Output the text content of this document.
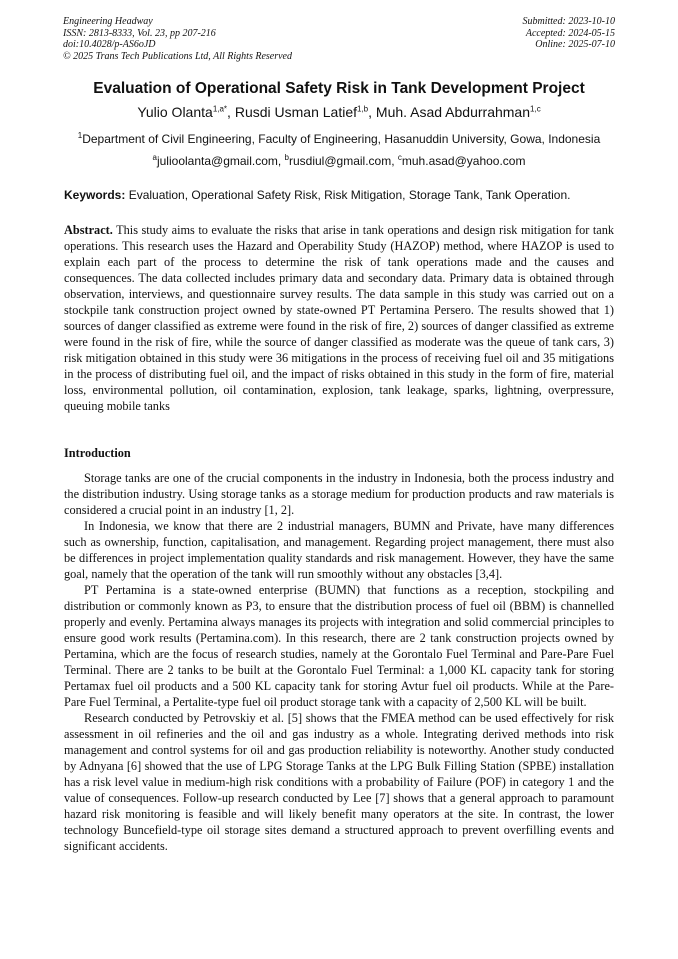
Engineering Headway
ISSN: 2813-8333, Vol. 23, pp 207-216
doi:10.4028/p-AS6oJD
© 2025 Trans Tech Publications Ltd, All Rights Reserved
Submitted: 2023-10-10
Accepted: 2024-05-15
Online: 2025-07-10
Evaluation of Operational Safety Risk in Tank Development Project
Yulio Olanta$^{1,a*}$, Rusdi Usman Latief$^{1,b}$, Muh. Asad Abdurrahman$^{1,c}$
$^1$Department of Civil Engineering, Faculty of Engineering, Hasanuddin University, Gowa, Indonesia
$^a$julioolanta@gmail.com, $^b$rusdiul@gmail.com, $^c$muh.asad@yahoo.com
Keywords: Evaluation, Operational Safety Risk, Risk Mitigation, Storage Tank, Tank Operation.

Abstract. This study aims to evaluate the risks that arise in tank operations and design risk mitigation for tank operations. This research uses the Hazard and Operability Study (HAZOP) method, where HAZOP is used to explain each part of the process to determine the risk of tank operations made and the causes and consequences. The data collected includes primary data and secondary data. Primary data is obtained through observation, interviews, and questionnaire survey results. The data sample in this study was carried out on a stockpile tank construction project owned by state-owned PT Pertamina Persero. The results showed that 1) sources of danger classified as extreme were found in the risk of fire, 2) sources of danger classified as extreme were found in the risk of fire, while the source of danger classified as moderate was the queue of tank cars, 3) risk mitigation obtained in this study were 36 mitigations in the process of receiving fuel oil and 35 mitigations in the process of distributing fuel oil, and the impact of risks obtained in this study in the form of fire, material loss, environmental pollution, oil contamination, explosion, tank leakage, sparks, lightning, overpressure, queuing mobile tanks

Introduction

Storage tanks are one of the crucial components in the industry in Indonesia, both the process industry and the distribution industry. Using storage tanks as a storage medium for production products and raw materials is considered a crucial point in an industry [1, 2].

In Indonesia, we know that there are 2 industrial managers, BUMN and Private, have many differences such as ownership, function, capitalisation, and management. Regarding project management, there must also be differences in project implementation quality standards and risk management. However, they have the same goal, namely that the operation of the tank will run smoothly without any obstacles [3,4].

PT Pertamina is a state-owned enterprise (BUMN) that functions as a reception, stockpiling and distribution or commonly known as P3, to ensure that the distribution process of fuel oil (BBM) is channelled properly and evenly. Pertamina always manages its projects with integration and solid commercial principles to ensure good work results (Pertamina.com). In this research, there are 2 tank construction projects owned by Pertamina, which are the focus of research studies, namely at the Gorontalo Fuel Terminal and Pare-Pare Fuel Terminal. There are 2 tanks to be built at the Gorontalo Fuel Terminal: a 1,000 KL capacity tank for storing Pertamax fuel oil products and a 500 KL capacity tank for storing Avtur fuel oil products. While at the Pare-Pare Fuel Terminal, a Pertalite-type fuel oil product storage tank with a capacity of 2,500 KL will be built.

Research conducted by Petrovskiy et al. [5] shows that the FMEA method can be used effectively for risk assessment in oil refineries and the oil and gas industry as a whole. Integrating derived methods into risk management and control systems for oil and gas production reliability is noteworthy. Another study conducted by Adnyana [6] showed that the use of LPG Storage Tanks at the LPG Bulk Filling Station (SPBE) installation has a risk level value in medium-high risk conditions with a probability of Failure (POF) in category 1 and the value of consequences. Follow-up research conducted by Lee [7] shows that a general approach to paramount hazard risk monitoring is feasible and will likely benefit many operators at the site. In contrast, the lower technology Buncefield-type oil storage sites demand a structured approach to prevent overfilling events and significant accidents.
